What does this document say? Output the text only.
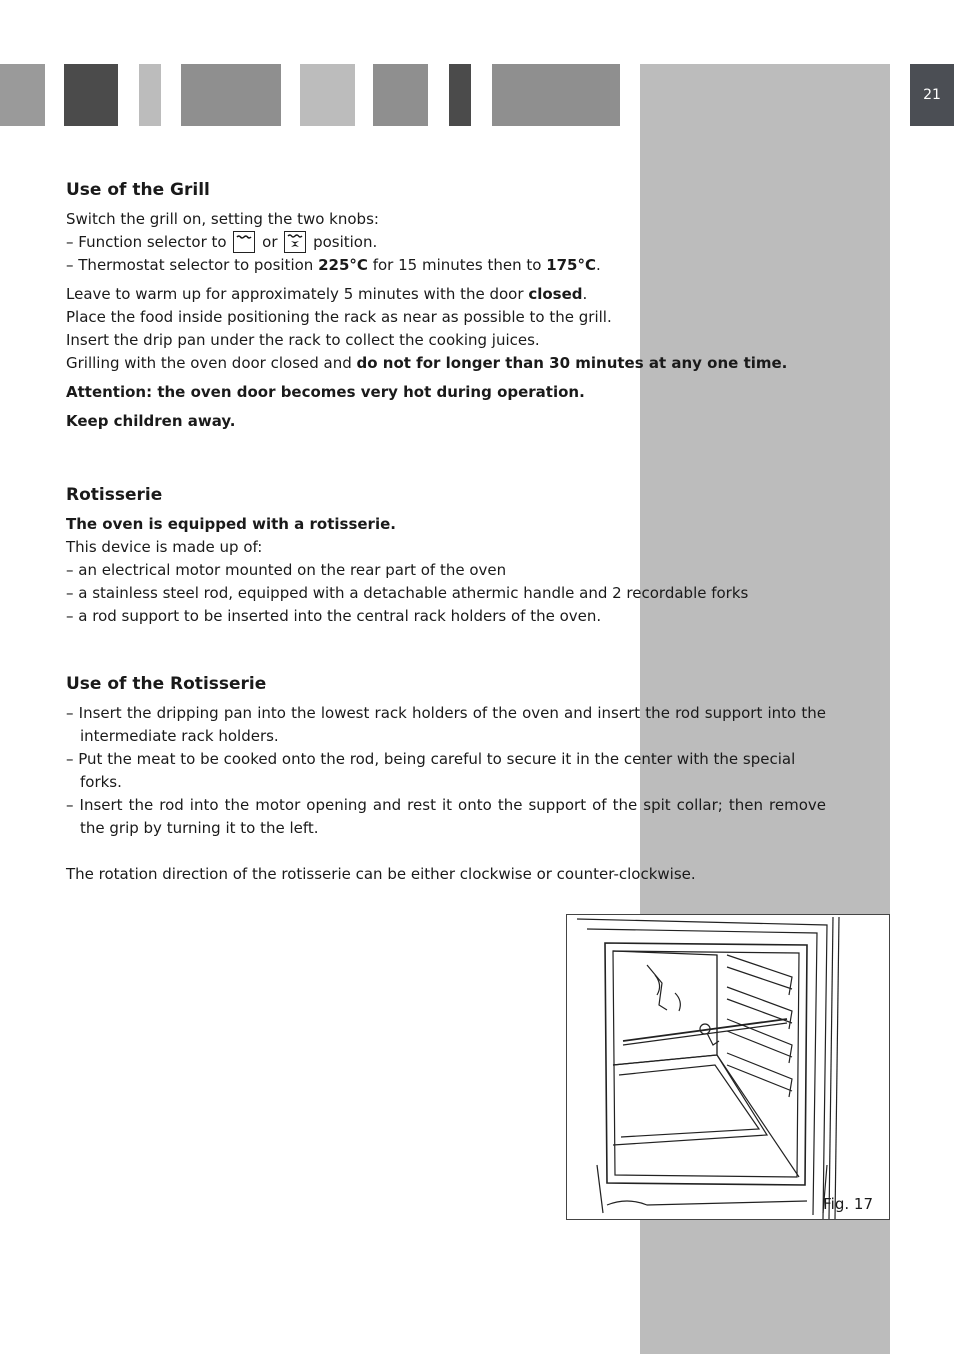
21
Use of the Grill

Switch the grill on, setting the two knobs:

– Function selector to or position.

– Thermostat selector to position 225°C for 15 minutes then to 175°C.

Leave to warm up for approximately 5 minutes with the door closed.

Place the food inside positioning the rack as near as possible to the grill.

Insert the drip pan under the rack to collect the cooking juices.

Grilling with the oven door closed and do not for longer than 30 minutes at any one time.

Attention: the oven door becomes very hot during operation.

Keep children away.

Rotisserie

The oven is equipped with a rotisserie.

This device is made up of:

– an electrical motor mounted on the rear part of the oven

– a stainless steel rod, equipped with a detachable athermic handle and 2 recordable forks

– a rod support to be inserted into the central rack holders of the oven.

Use of the Rotisserie

– Insert the dripping pan into the lowest rack holders of the oven and insert the rod support into the intermediate rack holders.

– Put the meat to be cooked onto the rod, being careful to secure it in the center with the special forks.

– Insert the rod into the motor opening and rest it onto the support of the spit collar; then remove the grip by turning it to the left.

The rotation direction of the rotisserie can be either clockwise or counter-clockwise.

Fig. 17
